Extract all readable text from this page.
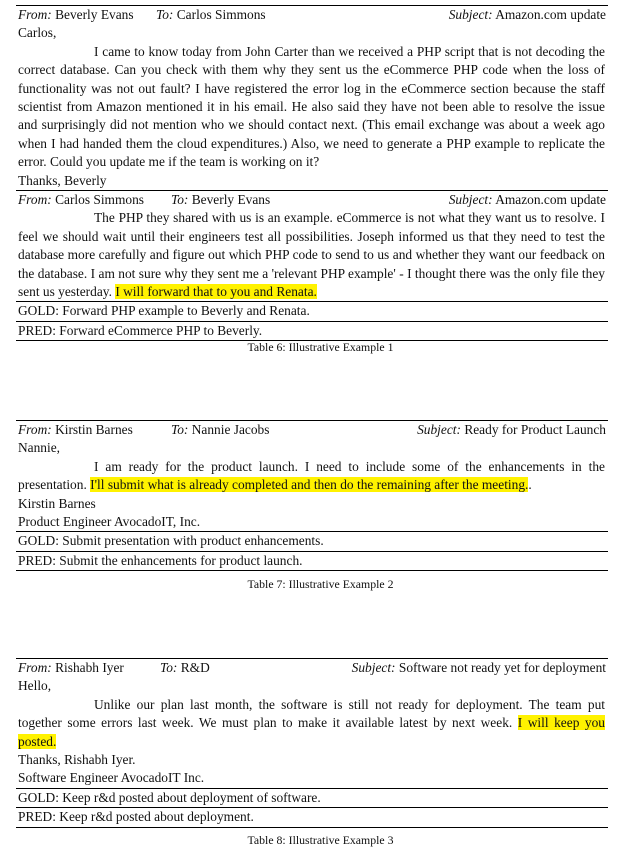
From: Beverly Evans To: Carlos Simmons	Subject: Amazon.com update

Carlos,

I came to know today from John Carter than we received a PHP script that is not decoding the correct database. Can you check with them why they sent us the eCommerce PHP code when the loss of functionality was not out fault? I have registered the error log in the eCommerce section because the staff scientist from Amazon mentioned it in his email. He also said they have not been able to resolve the issue and surprisingly did not mention who we should contact next. (This email exchange was about a week ago when I had handed them the cloud expenditures.) Also, we need to generate a PHP example to replicate the error. Could you update me if the team is working on it?

Thanks, Beverly

From: Carlos Simmons To: Beverly Evans	Subject: Amazon.com update

The PHP they shared with us is an example. eCommerce is not what they want us to resolve. I feel we should wait until their engineers test all possibilities. Joseph informed us that they need to test the database more carefully and figure out which PHP code to send to us and whether they want our feedback on the database. I am not sure why they sent me a 'relevant PHP example' - I thought there was the only file they sent us yesterday. I will forward that to you and Renata.

GOLD: Forward PHP example to Beverly and Renata.
PRED: Forward eCommerce PHP to Beverly.
Table 6: Illustrative Example 1
From: Kirstin Barnes	To: Nannie Jacobs	Subject: Ready for Product Launch

Nannie,

I am ready for the product launch. I need to include some of the enhancements in the presentation. I'll submit what is already completed and then do the remaining after the meeting..

Kirstin Barnes

Product Engineer AvocadoIT, Inc.

GOLD: Submit presentation with product enhancements.
PRED: Submit the enhancements for product launch.
Table 7: Illustrative Example 2
From: Rishabh Iyer	To: R&D	Subject: Software not ready yet for deployment

Hello,

Unlike our plan last month, the software is still not ready for deployment. The team put together some errors last week. We must plan to make it available latest by next week. I will keep you posted.

Thanks, Rishabh Iyer.

Software Engineer AvocadoIT Inc.

GOLD: Keep r&d posted about deployment of software.
PRED: Keep r&d posted about deployment.
Table 8: Illustrative Example 3
